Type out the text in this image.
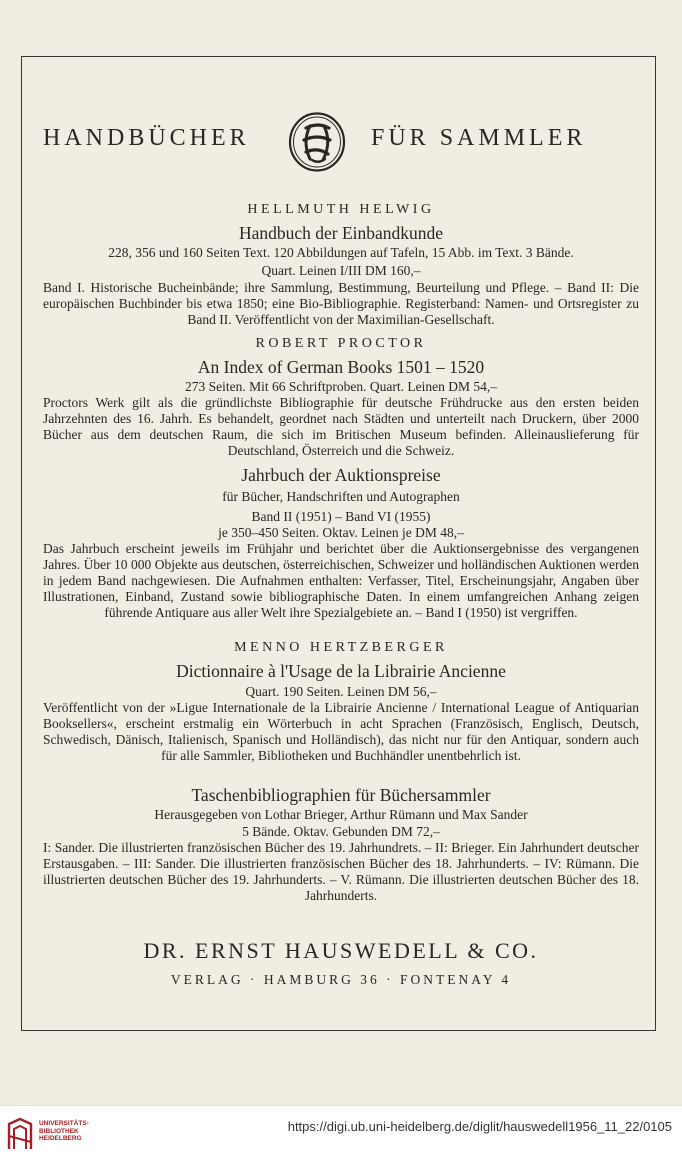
HANDBÜCHER	FÜR SAMMLER
HELLMUTH HELWIG
Handbuch der Einbandkunde
228, 356 und 160 Seiten Text. 120 Abbildungen auf Tafeln, 15 Abb. im Text. 3 Bände.
Quart. Leinen I/III DM 160,–
Band I. Historische Bucheinbände; ihre Sammlung, Bestimmung, Beurteilung und Pflege. – Band II: Die europäischen Buchbinder bis etwa 1850; eine Bio-Bibliographie. Registerband: Namen- und Ortsregister zu Band II. Veröffentlicht von der Maximilian-Gesellschaft.
ROBERT PROCTOR
An Index of German Books 1501 – 1520
273 Seiten. Mit 66 Schriftproben. Quart. Leinen DM 54,–
Proctors Werk gilt als die gründlichste Bibliographie für deutsche Frühdrucke aus den ersten beiden Jahrzehnten des 16. Jahrh. Es behandelt, geordnet nach Städten und unterteilt nach Druckern, über 2000 Bücher aus dem deutschen Raum, die sich im Britischen Museum befinden. Alleinauslieferung für Deutschland, Österreich und die Schweiz.
Jahrbuch der Auktionspreise
für Bücher, Handschriften und Autographen
Band II (1951) – Band VI (1955)
je 350–450 Seiten. Oktav. Leinen je DM 48,–
Das Jahrbuch erscheint jeweils im Frühjahr und berichtet über die Auktionsergebnisse des vergangenen Jahres. Über 10 000 Objekte aus deutschen, österreichischen, Schweizer und holländischen Auktionen werden in jedem Band nachgewiesen. Die Aufnahmen enthalten: Verfasser, Titel, Erscheinungsjahr, Angaben über Illustrationen, Einband, Zustand sowie bibliographische Daten. In einem umfangreichen Anhang zeigen führende Antiquare aus aller Welt ihre Spezialgebiete an. – Band I (1950) ist vergriffen.
MENNO HERTZBERGER
Dictionnaire à l'Usage de la Librairie Ancienne
Quart. 190 Seiten. Leinen DM 56,–
Veröffentlicht von der »Ligue Internationale de la Librairie Ancienne / International League of Antiquarian Booksellers«, erscheint erstmalig ein Wörterbuch in acht Sprachen (Französisch, Englisch, Deutsch, Schwedisch, Dänisch, Italienisch, Spanisch und Holländisch), das nicht nur für den Antiquar, sondern auch für alle Sammler, Bibliotheken und Buchhändler unentbehrlich ist.
Taschenbibliographien für Büchersammler
Herausgegeben von Lothar Brieger, Arthur Rümann und Max Sander
5 Bände. Oktav. Gebunden DM 72,–
I: Sander. Die illustrierten französischen Bücher des 19. Jahrhundrets. – II: Brieger. Ein Jahrhundert deutscher Erstausgaben. – III: Sander. Die illustrierten französischen Bücher des 18. Jahrhunderts. – IV: Rümann. Die illustrierten deutschen Bücher des 19. Jahrhunderts. – V. Rümann. Die illustrierten deutschen Bücher des 18. Jahrhunderts.
DR. ERNST HAUSWEDELL & CO.
VERLAG · HAMBURG 36 · FONTENAY 4
UNIVERSITÄTS-
BIBLIOTHEK
HEIDELBERG
https://digi.ub.uni-heidelberg.de/diglit/hauswedell1956_11_22/0105
